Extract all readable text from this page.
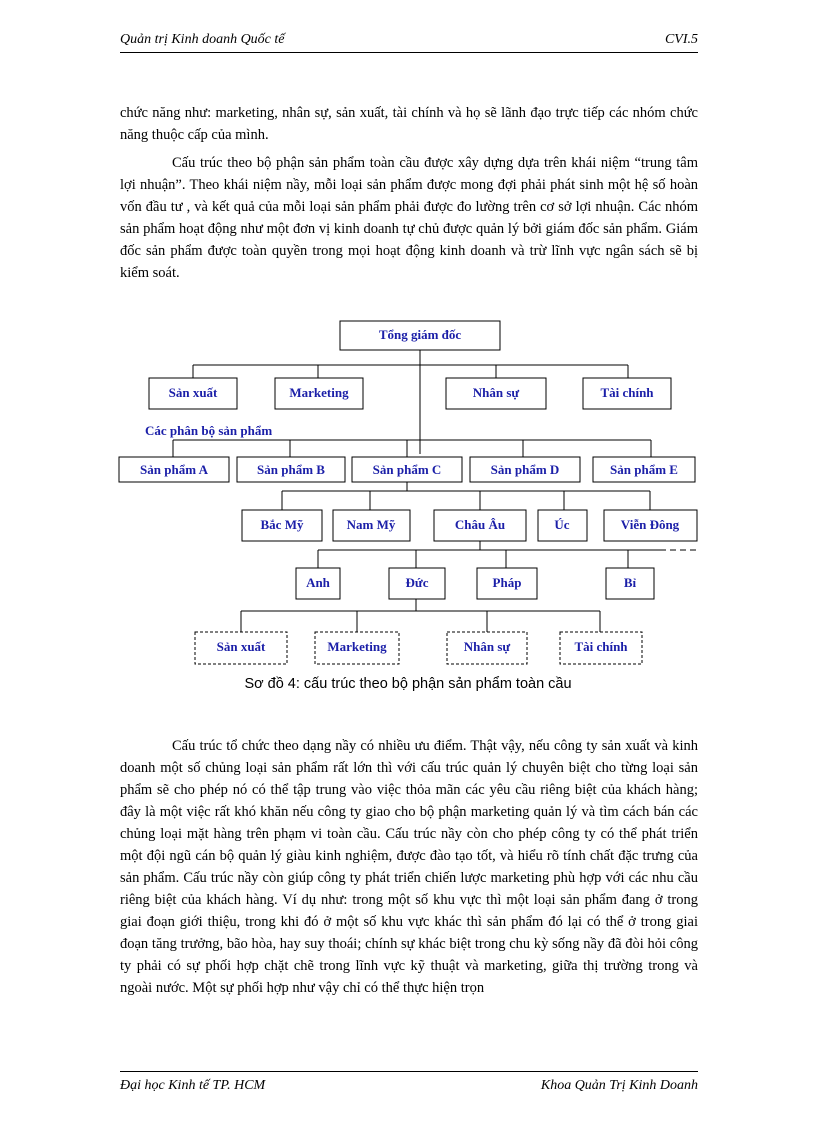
Quản trị Kinh doanh Quốc tế	CVI.5

chức năng như: marketing, nhân sự, sản xuất, tài chính và họ sẽ lãnh đạo trực tiếp các nhóm chức năng thuộc cấp của mình.

Cấu trúc theo bộ phận sản phẩm toàn cầu được xây dựng dựa trên khái niệm “trung tâm lợi nhuận”. Theo khái niệm nầy, mỗi loại sản phẩm được mong đợi phải phát sinh một hệ số hoàn vốn đầu tư , và kết quả của mỗi loại sản phẩm phải được đo lường trên cơ sở lợi nhuận. Các nhóm sản phẩm hoạt động như một đơn vị kinh doanh tự chủ được quản lý bởi giám đốc sản phẩm. Giám đốc sản phẩm được toàn quyền trong mọi hoạt động kinh doanh và trừ lĩnh vực ngân sách sẽ bị kiểm soát.

Tổng giám đốc
Sản xuất	Marketing	Nhân sự	Tài chính
Sản phẩm A	Sản phẩm B	Sản phẩm C	Sản phẩm D	Sản phẩm E
Bắc Mỹ	Nam Mỹ	Châu Âu	Úc	Viễn Đông
Anh	Đức	Pháp	Bỉ
Sản xuất	Marketing	Nhân sự	Tài chính
Các phân bộ sản phẩm
Sơ đồ 4: cấu trúc theo bộ phận sản phẩm toàn cầu

Cấu trúc tổ chức theo dạng nầy có nhiều ưu điểm. Thật vậy, nếu công ty sản xuất và kinh doanh một số chủng loại sản phẩm rất lớn thì với cấu trúc quản lý chuyên biệt cho từng loại sản phẩm sẽ cho phép nó có thể tập trung vào việc thỏa mãn các yêu cầu riêng biệt của khách hàng; đây là một việc rất khó khăn nếu công ty giao cho bộ phận marketing quản lý và tìm cách bán các chủng loại mặt hàng trên phạm vi toàn cầu. Cấu trúc nầy còn cho phép công ty có thể phát triển một đội ngũ cán bộ quản lý giàu kinh nghiệm, được đào tạo tốt, và hiểu rõ tính chất đặc trưng của sản phẩm. Cấu trúc nầy còn giúp công ty phát triển chiến lược marketing phù hợp với các nhu cầu riêng biệt của khách hàng. Ví dụ như: trong một số khu vực thì một loại sản phẩm đang ở trong giai đoạn giới thiệu, trong khi đó ở một số khu vực khác thì sản phẩm đó lại có thể ở trong giai đoạn tăng trưởng, bão hòa, hay suy thoái; chính sự khác biệt trong chu kỳ sống nầy đã đòi hỏi công ty phải có sự phối hợp chặt chẽ trong lĩnh vực kỹ thuật và marketing, giữa thị trường trong và ngoài nước. Một sự phối hợp như vậy chỉ có thể thực hiện trọn

Đại học Kinh tế TP. HCM	Khoa Quản Trị Kinh Doanh
